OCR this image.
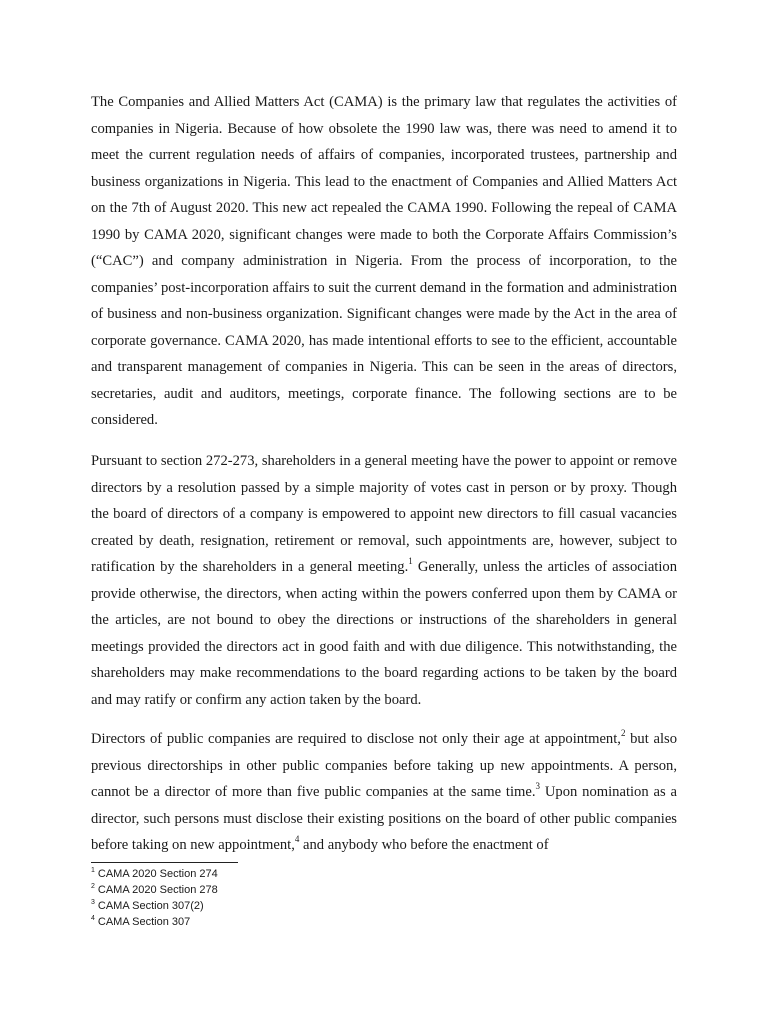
The Companies and Allied Matters Act (CAMA) is the primary law that regulates the activities of companies in Nigeria. Because of how obsolete the 1990 law was, there was need to amend it to meet the current regulation needs of affairs of companies, incorporated trustees, partnership and business organizations in Nigeria. This lead to the enactment of Companies and Allied Matters Act on the 7th of August 2020. This new act repealed the CAMA 1990. Following the repeal of CAMA 1990 by CAMA 2020, significant changes were made to both the Corporate Affairs Commission’s (“CAC”) and company administration in Nigeria. From the process of incorporation, to the companies’ post-incorporation affairs to suit the current demand in the formation and administration of business and non-business organization. Significant changes were made by the Act in the area of corporate governance. CAMA 2020, has made intentional efforts to see to the efficient, accountable and transparent management of companies in Nigeria. This can be seen in the areas of directors, secretaries, audit and auditors, meetings, corporate finance. The following sections are to be considered.

Pursuant to section 272-273, shareholders in a general meeting have the power to appoint or remove directors by a resolution passed by a simple majority of votes cast in person or by proxy. Though the board of directors of a company is empowered to appoint new directors to fill casual vacancies created by death, resignation, retirement or removal, such appointments are, however, subject to ratification by the shareholders in a general meeting.$^1$ Generally, unless the articles of association provide otherwise, the directors, when acting within the powers conferred upon them by CAMA or the articles, are not bound to obey the directions or instructions of the shareholders in general meetings provided the directors act in good faith and with due diligence. This notwithstanding, the shareholders may make recommendations to the board regarding actions to be taken by the board and may ratify or confirm any action taken by the board.

Directors of public companies are required to disclose not only their age at appointment,$^2$ but also previous directorships in other public companies before taking up new appointments. A person, cannot be a director of more than five public companies at the same time.$^3$ Upon nomination as a director, such persons must disclose their existing positions on the board of other public companies before taking on new appointment,$^4$ and anybody who before the enactment of

$^1$ CAMA 2020 Section 274
$^2$ CAMA 2020 Section 278
$^3$ CAMA Section 307(2)
$^4$ CAMA Section 307
